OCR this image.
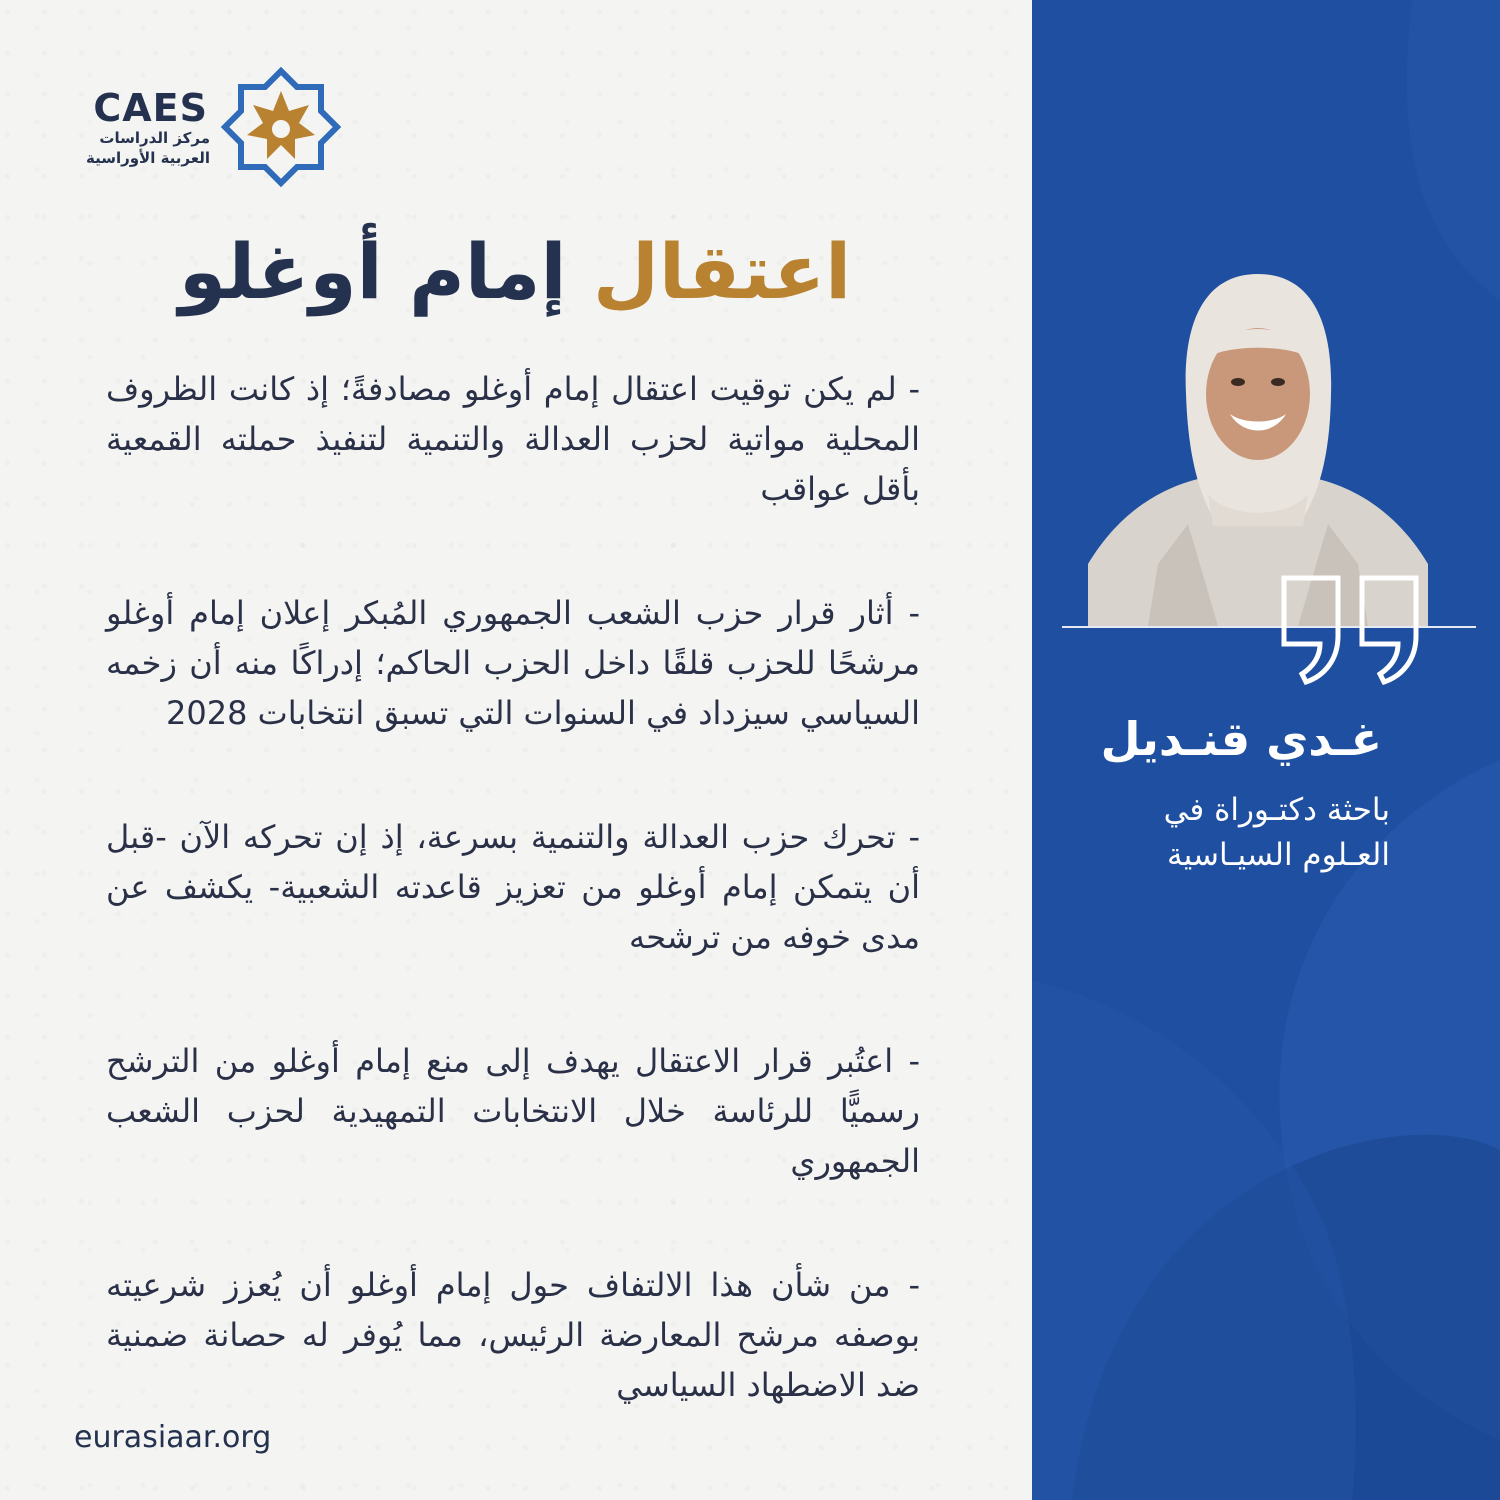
غـدي قنـديل
باحثة دكتـوراة في
العـلوم السيـاسية
CAES
مركز الدراسات
العربية الأوراسية
اعتقال إمام أوغلو

- لم يكن توقيت اعتقال إمام أوغلو مصادفةً؛ إذ كانت الظروف المحلية مواتية لحزب العدالة والتنمية لتنفيذ حملته القمعية بأقل عواقب

- أثار قرار حزب الشعب الجمهوري المُبكر إعلان إمام أوغلو مرشحًا للحزب قلقًا داخل الحزب الحاكم؛ إدراكًا منه أن زخمه السياسي سيزداد في السنوات التي تسبق انتخابات 2028

- تحرك حزب العدالة والتنمية بسرعة، إذ إن تحركه الآن -قبل أن يتمكن إمام أوغلو من تعزيز قاعدته الشعبية- يكشف عن مدى خوفه من ترشحه

- اعتُبر قرار الاعتقال يهدف إلى منع إمام أوغلو من الترشح رسميًّا للرئاسة خلال الانتخابات التمهيدية لحزب الشعب الجمهوري

- من شأن هذا الالتفاف حول إمام أوغلو أن يُعزز شرعيته بوصفه مرشح المعارضة الرئيس، مما يُوفر له حصانة ضمنية ضد الاضطهاد السياسي

eurasiaar.org
